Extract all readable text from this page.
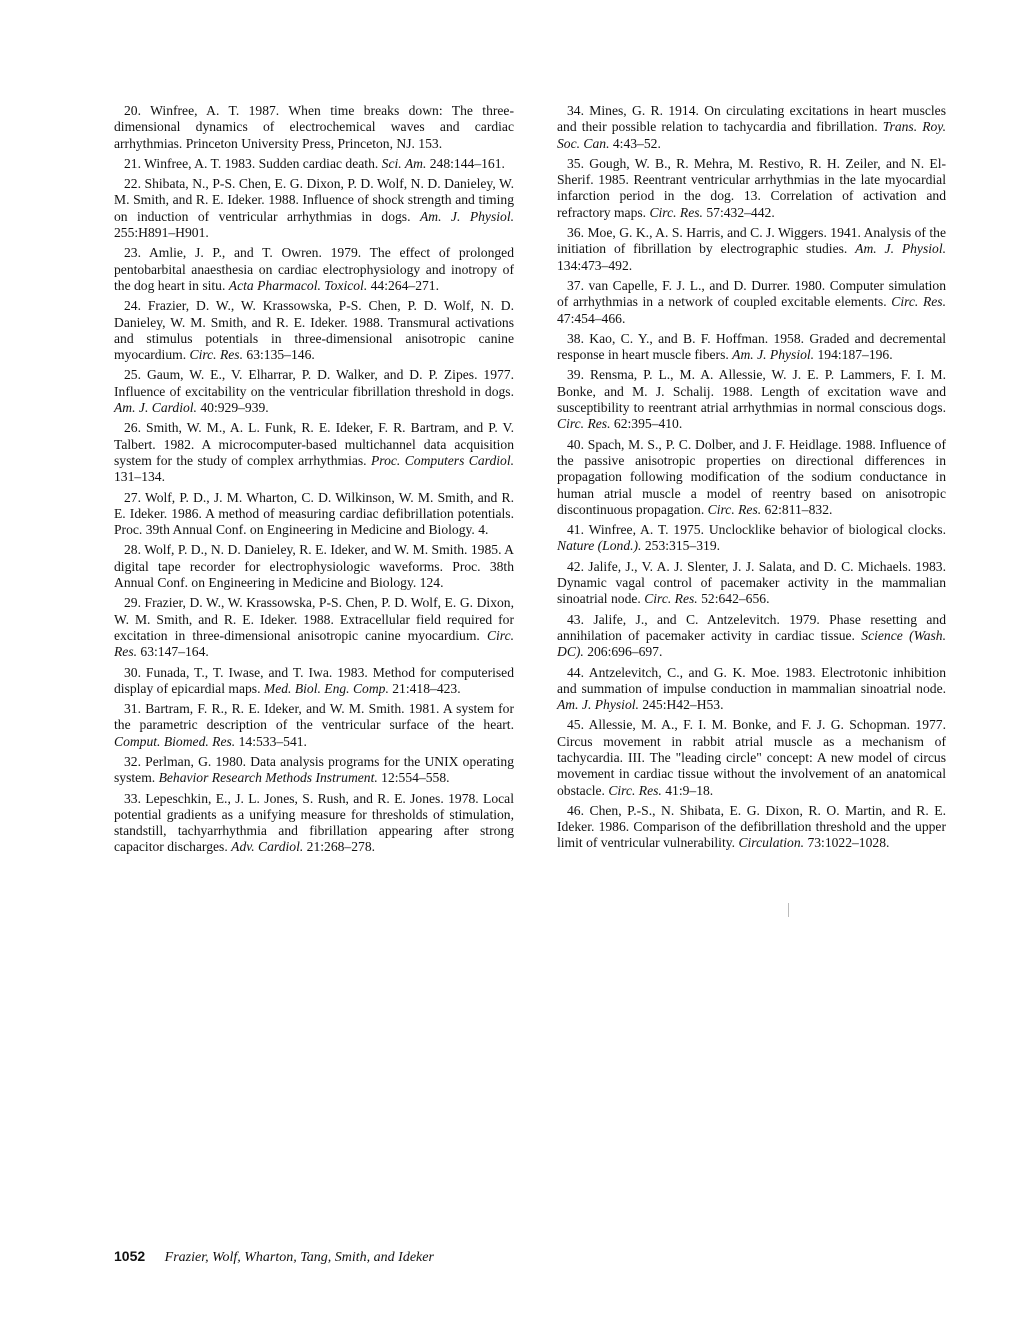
20. Winfree, A. T. 1987. When time breaks down: The three-dimensional dynamics of electrochemical waves and cardiac arrhythmias. Princeton University Press, Princeton, NJ. 153.

21. Winfree, A. T. 1983. Sudden cardiac death. Sci. Am. 248:144–161.

22. Shibata, N., P-S. Chen, E. G. Dixon, P. D. Wolf, N. D. Danieley, W. M. Smith, and R. E. Ideker. 1988. Influence of shock strength and timing on induction of ventricular arrhythmias in dogs. Am. J. Physiol. 255:H891–H901.

23. Amlie, J. P., and T. Owren. 1979. The effect of prolonged pentobarbital anaesthesia on cardiac electrophysiology and inotropy of the dog heart in situ. Acta Pharmacol. Toxicol. 44:264–271.

24. Frazier, D. W., W. Krassowska, P-S. Chen, P. D. Wolf, N. D. Danieley, W. M. Smith, and R. E. Ideker. 1988. Transmural activations and stimulus potentials in three-dimensional anisotropic canine myocardium. Circ. Res. 63:135–146.

25. Gaum, W. E., V. Elharrar, P. D. Walker, and D. P. Zipes. 1977. Influence of excitability on the ventricular fibrillation threshold in dogs. Am. J. Cardiol. 40:929–939.

26. Smith, W. M., A. L. Funk, R. E. Ideker, F. R. Bartram, and P. V. Talbert. 1982. A microcomputer-based multichannel data acquisition system for the study of complex arrhythmias. Proc. Computers Cardiol. 131–134.

27. Wolf, P. D., J. M. Wharton, C. D. Wilkinson, W. M. Smith, and R. E. Ideker. 1986. A method of measuring cardiac defibrillation potentials. Proc. 39th Annual Conf. on Engineering in Medicine and Biology. 4.

28. Wolf, P. D., N. D. Danieley, R. E. Ideker, and W. M. Smith. 1985. A digital tape recorder for electrophysiologic waveforms. Proc. 38th Annual Conf. on Engineering in Medicine and Biology. 124.

29. Frazier, D. W., W. Krassowska, P-S. Chen, P. D. Wolf, E. G. Dixon, W. M. Smith, and R. E. Ideker. 1988. Extracellular field required for excitation in three-dimensional anisotropic canine myocardium. Circ. Res. 63:147–164.

30. Funada, T., T. Iwase, and T. Iwa. 1983. Method for computerised display of epicardial maps. Med. Biol. Eng. Comp. 21:418–423.

31. Bartram, F. R., R. E. Ideker, and W. M. Smith. 1981. A system for the parametric description of the ventricular surface of the heart. Comput. Biomed. Res. 14:533–541.

32. Perlman, G. 1980. Data analysis programs for the UNIX operating system. Behavior Research Methods Instrument. 12:554–558.

33. Lepeschkin, E., J. L. Jones, S. Rush, and R. E. Jones. 1978. Local potential gradients as a unifying measure for thresholds of stimulation, standstill, tachyarrhythmia and fibrillation appearing after strong capacitor discharges. Adv. Cardiol. 21:268–278.

34. Mines, G. R. 1914. On circulating excitations in heart muscles and their possible relation to tachycardia and fibrillation. Trans. Roy. Soc. Can. 4:43–52.

35. Gough, W. B., R. Mehra, M. Restivo, R. H. Zeiler, and N. El-Sherif. 1985. Reentrant ventricular arrhythmias in the late myocardial infarction period in the dog. 13. Correlation of activation and refractory maps. Circ. Res. 57:432–442.

36. Moe, G. K., A. S. Harris, and C. J. Wiggers. 1941. Analysis of the initiation of fibrillation by electrographic studies. Am. J. Physiol. 134:473–492.

37. van Capelle, F. J. L., and D. Durrer. 1980. Computer simulation of arrhythmias in a network of coupled excitable elements. Circ. Res. 47:454–466.

38. Kao, C. Y., and B. F. Hoffman. 1958. Graded and decremental response in heart muscle fibers. Am. J. Physiol. 194:187–196.

39. Rensma, P. L., M. A. Allessie, W. J. E. P. Lammers, F. I. M. Bonke, and M. J. Schalij. 1988. Length of excitation wave and susceptibility to reentrant atrial arrhythmias in normal conscious dogs. Circ. Res. 62:395–410.

40. Spach, M. S., P. C. Dolber, and J. F. Heidlage. 1988. Influence of the passive anisotropic properties on directional differences in propagation following modification of the sodium conductance in human atrial muscle a model of reentry based on anisotropic discontinuous propagation. Circ. Res. 62:811–832.

41. Winfree, A. T. 1975. Unclocklike behavior of biological clocks. Nature (Lond.). 253:315–319.

42. Jalife, J., V. A. J. Slenter, J. J. Salata, and D. C. Michaels. 1983. Dynamic vagal control of pacemaker activity in the mammalian sinoatrial node. Circ. Res. 52:642–656.

43. Jalife, J., and C. Antzelevitch. 1979. Phase resetting and annihilation of pacemaker activity in cardiac tissue. Science (Wash. DC). 206:696–697.

44. Antzelevitch, C., and G. K. Moe. 1983. Electrotonic inhibition and summation of impulse conduction in mammalian sinoatrial node. Am. J. Physiol. 245:H42–H53.

45. Allessie, M. A., F. I. M. Bonke, and F. J. G. Schopman. 1977. Circus movement in rabbit atrial muscle as a mechanism of tachycardia. III. The "leading circle" concept: A new model of circus movement in cardiac tissue without the involvement of an anatomical obstacle. Circ. Res. 41:9–18.

46. Chen, P.-S., N. Shibata, E. G. Dixon, R. O. Martin, and R. E. Ideker. 1986. Comparison of the defibrillation threshold and the upper limit of ventricular vulnerability. Circulation. 73:1022–1028.

1052 Frazier, Wolf, Wharton, Tang, Smith, and Ideker
